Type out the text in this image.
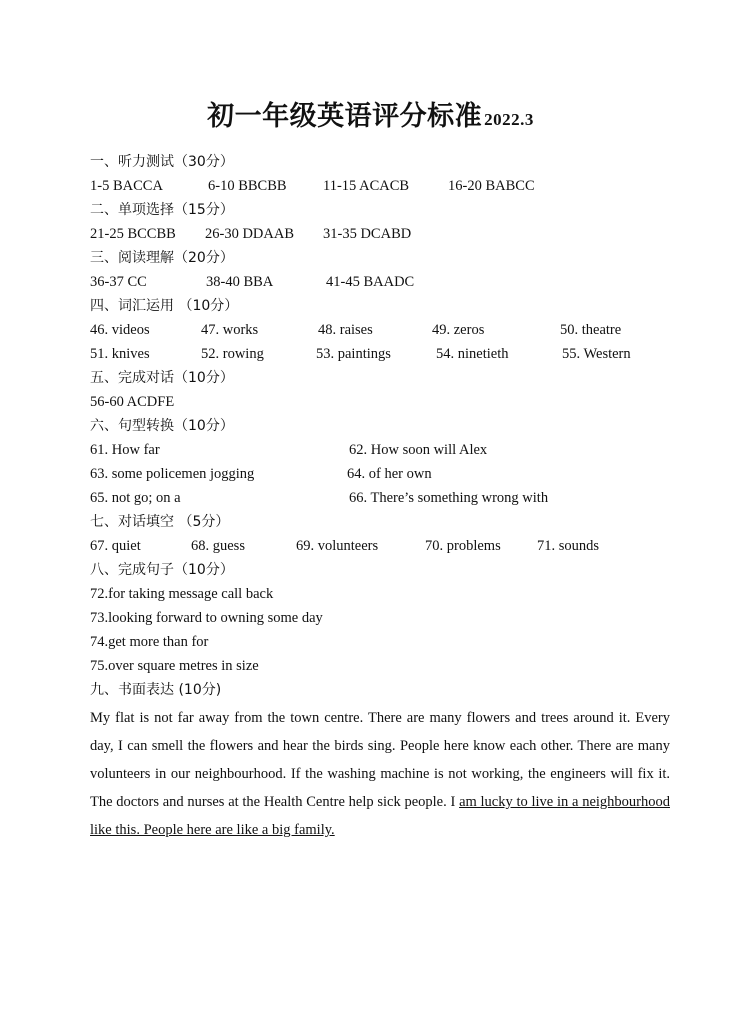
初一年级英语评分标准 2022.3
一、听力测试（30分）
1-5 BACCA	6-10 BBCBB	11-15 ACACB	16-20 BABCC
二、单项选择（15分）
21-25 BCCBB 26-30 DDAAB 31-35 DCABD
三、阅读理解（20分）
36-37 CC	38-40 BBA	41-45 BAADC
四、词汇运用 （10分）
46. videos	47. works	48. raises	49. zeros	50. theatre
51. knives	52. rowing	53. paintings	54. ninetieth	55. Western
五、完成对话（10分）
56-60 ACDFE
六、句型转换（10分）
61. How far	62. How soon will Alex
63. some policemen jogging	64. of her own
65. not go; on a	66. There’s something wrong with
七、对话填空 （5分）
67. quiet	68. guess	69. volunteers	70. problems	71. sounds
八、完成句子（10分）
72.for taking message call back
73.looking forward to owning some day
74.get more than for
75.over square metres in size
九、书面表达 (10分)
My flat is not far away from the town centre. There are many flowers and trees around it. Every day, I can smell the flowers and hear the birds sing. People here know each other. There are many volunteers in our neighbourhood. If the washing machine is not working, the engineers will fix it. The doctors and nurses at the Health Centre help sick people. I am lucky to live in a neighbourhood like this. People here are like a big family.
